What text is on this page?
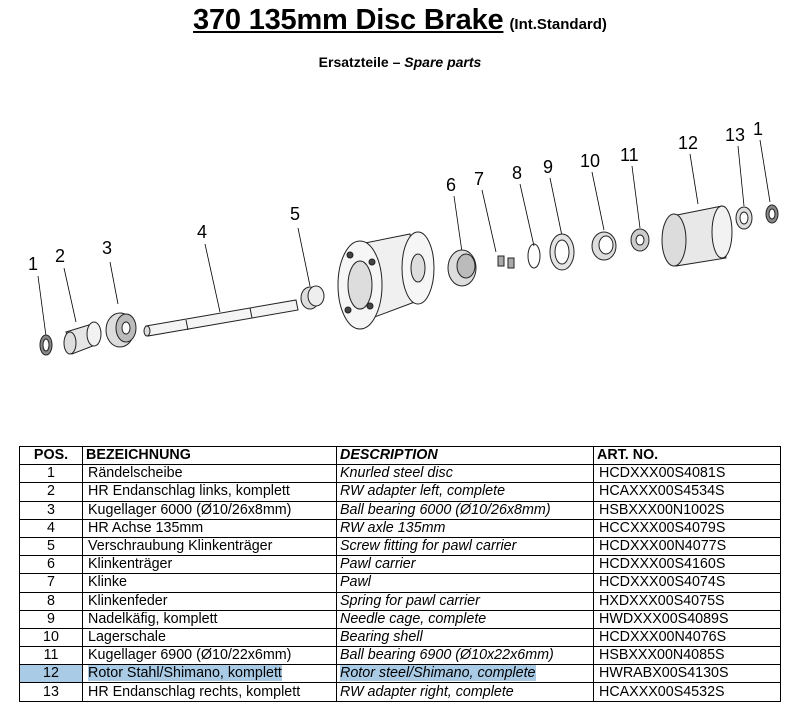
370 135mm Disc Brake (Int.Standard)
Ersatzteile – Spare parts
1 2 3
4
5
6 7 8 9 10 11
12 13 1
POS.	BEZEICHNUNG	DESCRIPTION	ART. NO.
1	Rändelscheibe	Knurled steel disc	HCDXXX00S4081S
2	HR Endanschlag links, komplett	RW adapter left, complete	HCAXXX00S4534S
3	Kugellager 6000 (Ø10/26x8mm)	Ball bearing 6000 (Ø10/26x8mm)	HSBXXX00N1002S
4	HR Achse 135mm	RW axle 135mm	HCCXXX00S4079S
5	Verschraubung Klinkenträger	Screw fitting for pawl carrier	HCDXXX00N4077S
6	Klinkenträger	Pawl carrier	HCDXXX00S4160S
7	Klinke	Pawl	HCDXXX00S4074S
8	Klinkenfeder	Spring for pawl carrier	HXDXXX00S4075S
9	Nadelkäfig, komplett	Needle cage, complete	HWDXXX00S4089S
10	Lagerschale	Bearing shell	HCDXXX00N4076S
11	Kugellager 6900 (Ø10/22x6mm)	Ball bearing 6900 (Ø10x22x6mm)	HSBXXX00N4085S
12	Rotor Stahl/Shimano, komplett	Rotor steel/Shimano, complete	HWRABX00S4130S
13	HR Endanschlag rechts, komplett	RW adapter right, complete	HCAXXX00S4532S
